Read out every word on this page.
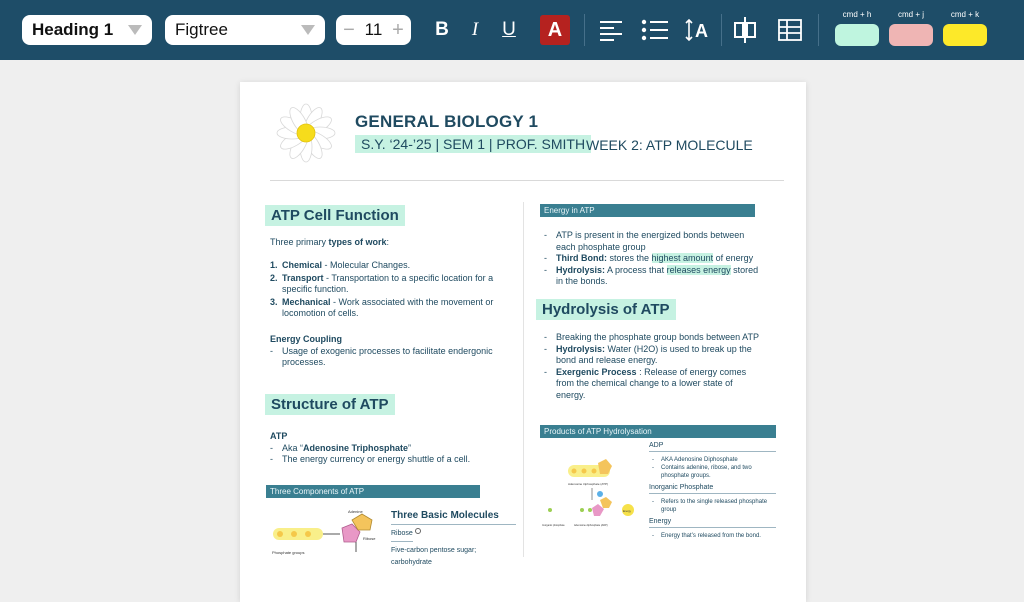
Heading 1	Figtree	− 11 + B	I	U	A	A
cmd + h	cmd + j	cmd + k
GENERAL BIOLOGY 1
S.Y. ‘24-’25 | SEM 1 | PROF. SMITH WEEK 2: ATP MOLECULE
ATP Cell Function
Three primary types of work:
1. Chemical - Molecular Changes.
2. Transport - Transportation to a specific location for a specific function.
3. Mechanical - Work associated with the movement or locomotion of cells.
Energy Coupling
-	Usage of exogenic processes to facilitate endergonic processes.
Structure of ATP
ATP
-	Aka “Adenosine Triphosphate”
-	The energy currency or energy shuttle of a cell.
Three Components of ATP
Phosphate groups
Adenine
Ribose
Three Basic Molecules
Ribose
Five-carbon pentose sugar; carbohydrate
Energy in ATP
-	ATP is present in the energized bonds between each phosphate group
-	Third Bond: stores the highest amount of energy
-	Hydrolysis: A process that releases energy stored in the bonds.
Hydrolysis of ATP
-	Breaking the phosphate group bonds between ATP
-	Hydrolysis: Water (H2O) is used to break up the bond and release energy.
-	Exergenic Process : Release of energy comes from the chemical change to a lower state of energy.
Products of ATP Hydrolysation
Adenosine triphosphate (ATP)
Energy
Inorganic phosphate	Adenosine diphosphate (ADP)
ADP
-	AKA Adenosine Diphosphate
-	Contains adenine, ribose, and two phosphate groups.
Inorganic Phosphate
-	Refers to the single released phosphate group
Energy
-	Energy that’s released from the bond.
